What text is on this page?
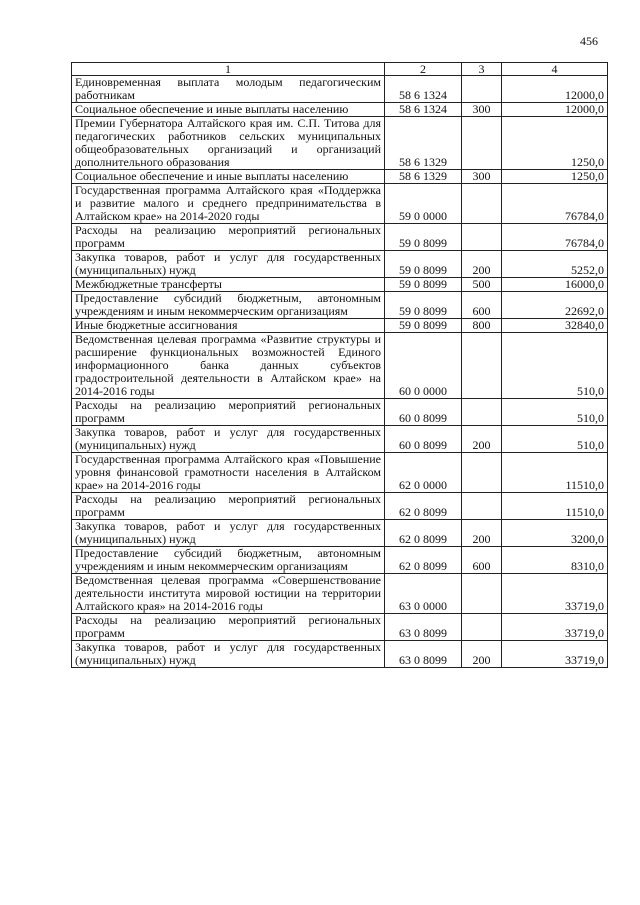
456
1	2	3	4
Единовременная выплата молодым педагогическим работникам	58 6 1324		12000,0
Социальное обеспечение и иные выплаты населению	58 6 1324	300	12000,0
Премии Губернатора Алтайского края им. С.П. Титова для педагогических работников сельских муниципальных общеобразовательных организаций и организаций дополнительного образования	58 6 1329		1250,0
Социальное обеспечение и иные выплаты населению	58 6 1329	300	1250,0
Государственная программа Алтайского края «Поддержка и развитие малого и среднего предпринимательства в Алтайском крае» на 2014-2020 годы	59 0 0000		76784,0
Расходы на реализацию мероприятий региональных программ	59 0 8099		76784,0
Закупка товаров, работ и услуг для государственных (муниципальных) нужд	59 0 8099	200	5252,0
Межбюджетные трансферты	59 0 8099	500	16000,0
Предоставление субсидий бюджетным, автономным учреждениям и иным некоммерческим организациям	59 0 8099	600	22692,0
Иные бюджетные ассигнования	59 0 8099	800	32840,0
Ведомственная целевая программа «Развитие структуры и расширение функциональных возможностей Единого информационного банка данных субъектов градостроительной деятельности в Алтайском крае» на 2014-2016 годы	60 0 0000		510,0
Расходы на реализацию мероприятий региональных программ	60 0 8099		510,0
Закупка товаров, работ и услуг для государственных (муниципальных) нужд	60 0 8099	200	510,0
Государственная программа Алтайского края «Повышение уровня финансовой грамотности населения в Алтайском крае» на 2014-2016 годы	62 0 0000		11510,0
Расходы на реализацию мероприятий региональных программ	62 0 8099		11510,0
Закупка товаров, работ и услуг для государственных (муниципальных) нужд	62 0 8099	200	3200,0
Предоставление субсидий бюджетным, автономным учреждениям и иным некоммерческим организациям	62 0 8099	600	8310,0
Ведомственная целевая программа «Совершенствование деятельности института мировой юстиции на территории Алтайского края» на 2014-2016 годы	63 0 0000		33719,0
Расходы на реализацию мероприятий региональных программ	63 0 8099		33719,0
Закупка товаров, работ и услуг для государственных (муниципальных) нужд	63 0 8099	200	33719,0
